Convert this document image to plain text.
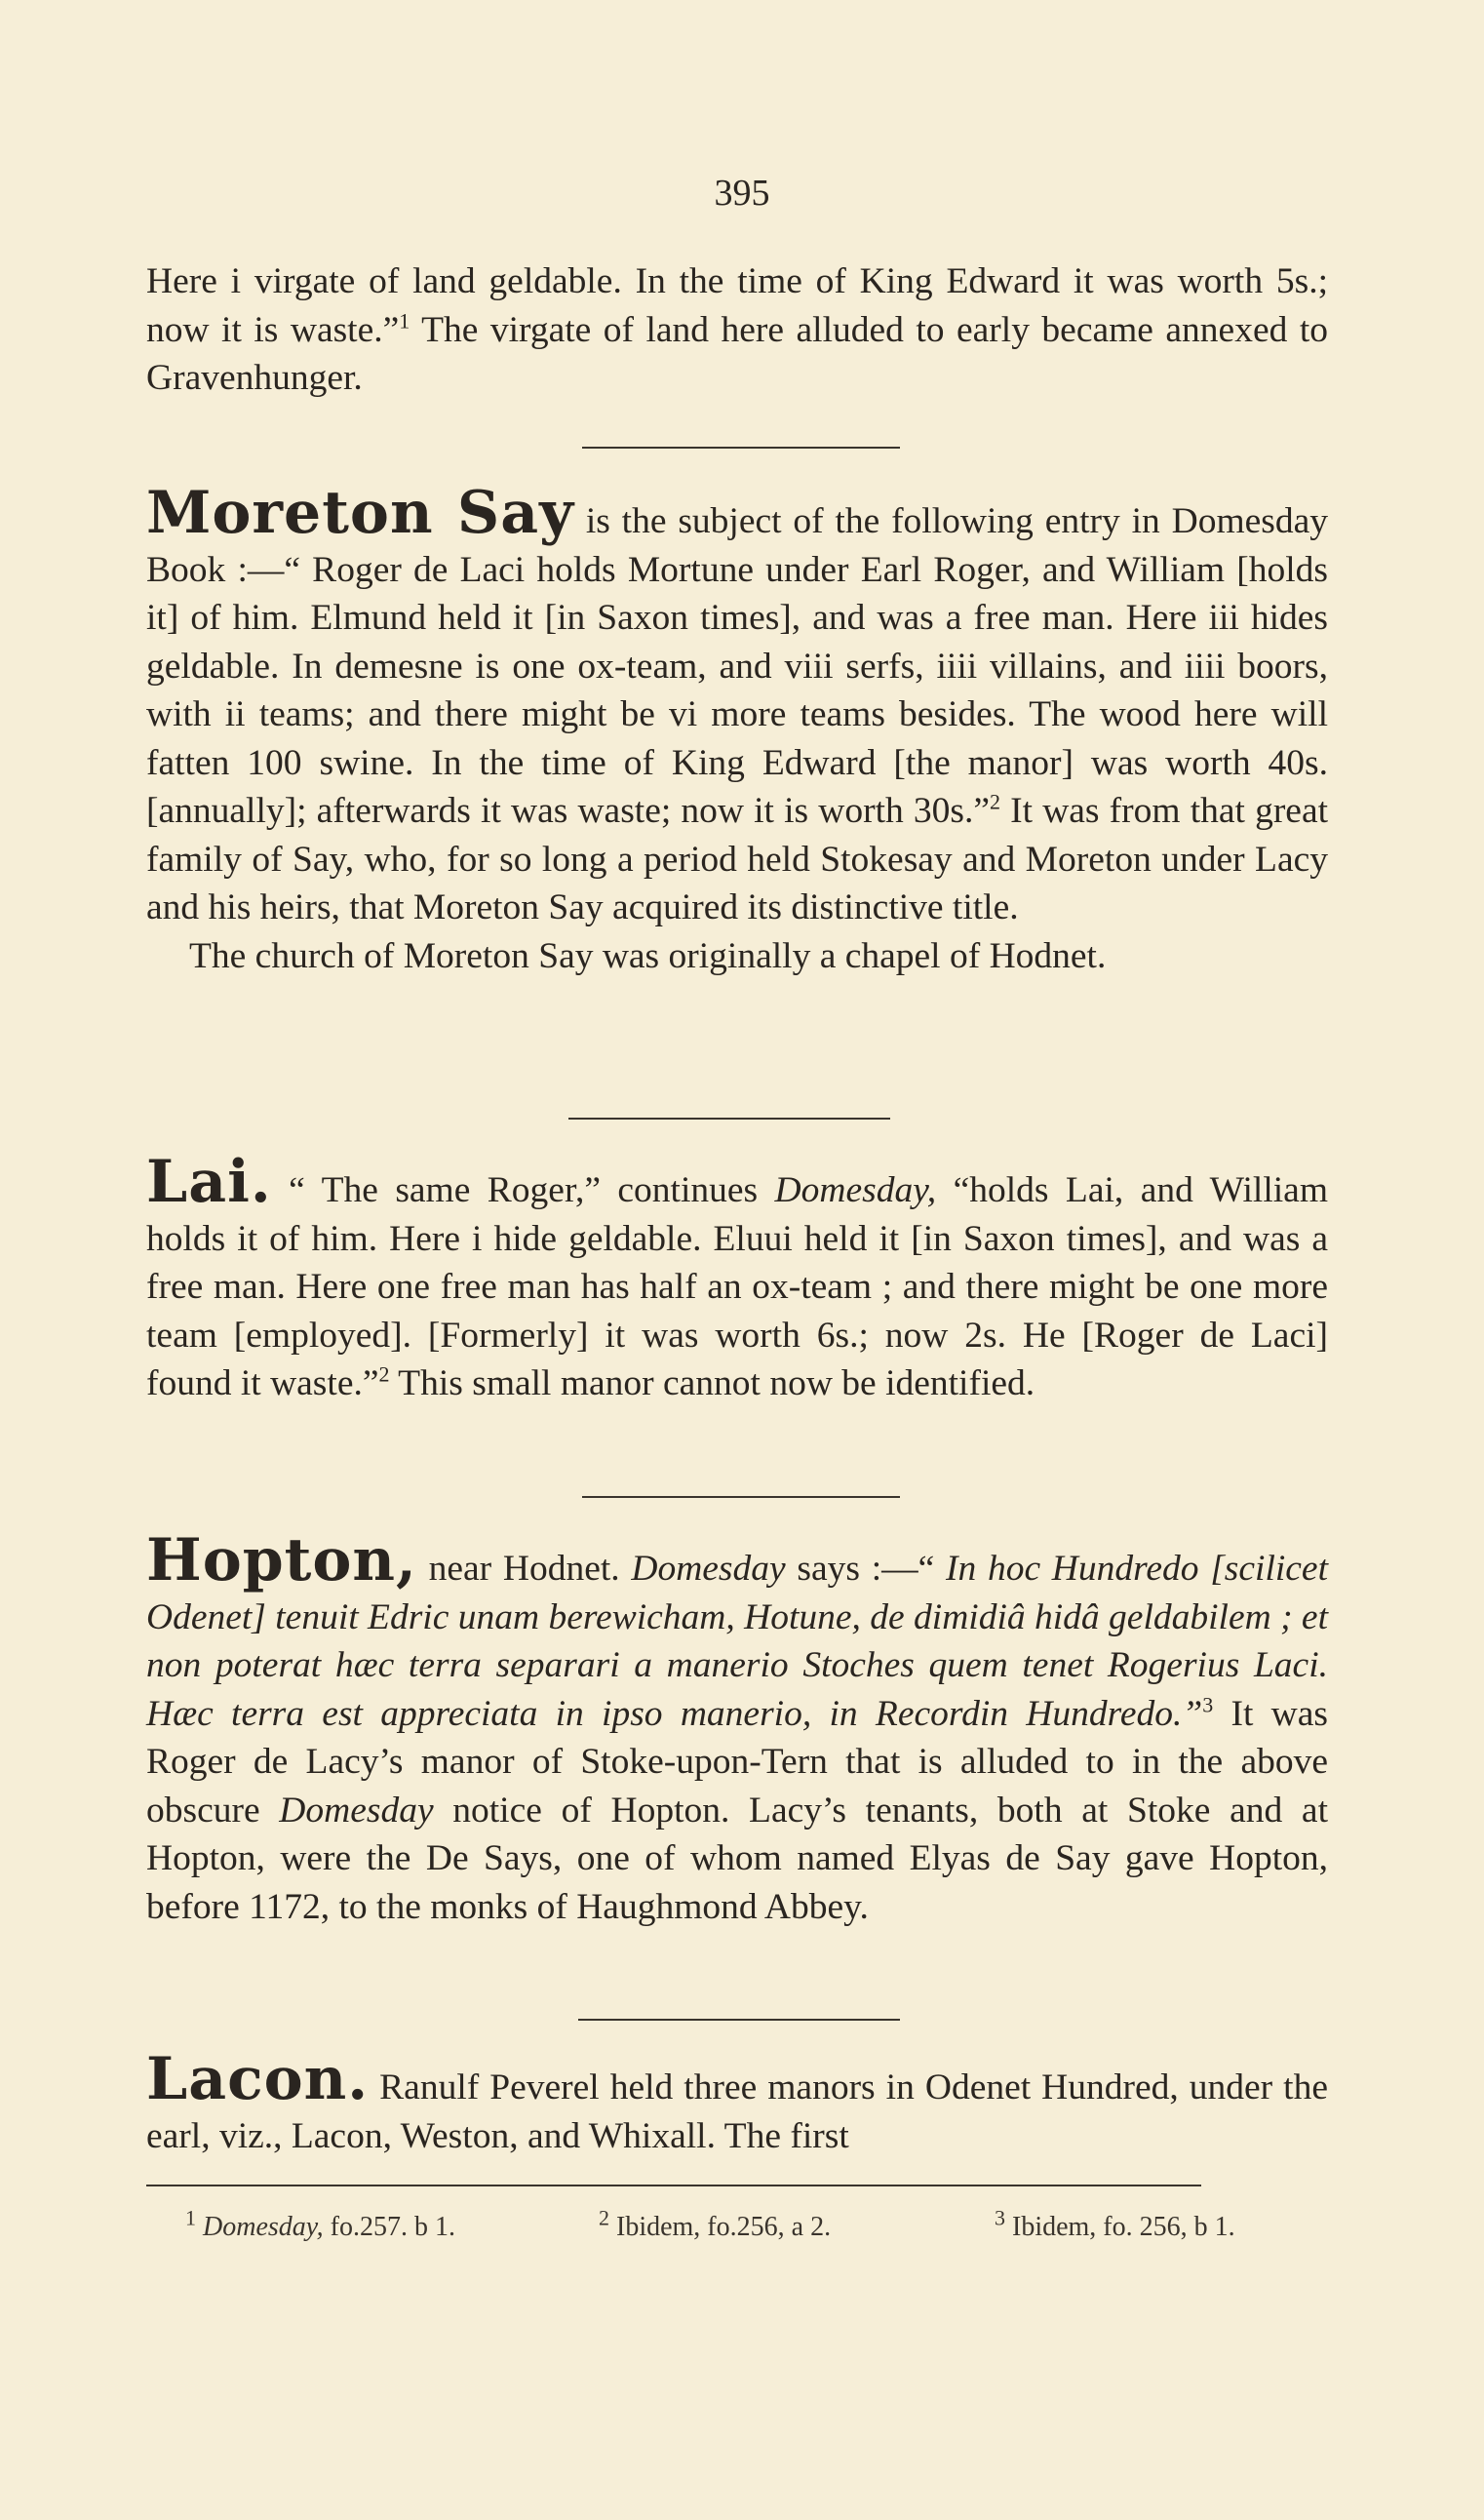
395

Here i virgate of land geldable. In the time of King Edward it was worth 5s.; now it is waste.”$^1$ The virgate of land here alluded to early became annexed to Gravenhunger.

Moreton Say is the subject of the following entry in Domesday Book :—“ Roger de Laci holds Mortune under Earl Roger, and William [holds it] of him. Elmund held it [in Saxon times], and was a free man. Here iii hides geldable. In demesne is one ox-team, and viii serfs, iiii villains, and iiii boors, with ii teams; and there might be vi more teams besides. The wood here will fatten 100 swine. In the time of King Edward [the manor] was worth 40s. [annually]; afterwards it was waste; now it is worth 30s.”$^2$ It was from that great family of Say, who, for so long a period held Stokesay and Moreton under Lacy and his heirs, that Moreton Say acquired its distinctive title.

The church of Moreton Say was originally a chapel of Hodnet.

Lai. “ The same Roger,” continues Domesday, “holds Lai, and William holds it of him. Here i hide geldable. Eluui held it [in Saxon times], and was a free man. Here one free man has half an ox-team ; and there might be one more team [employed]. [Formerly] it was worth 6s.; now 2s. He [Roger de Laci] found it waste.”$^2$ This small manor cannot now be identified.

Hopton, near Hodnet. Domesday says :—“ In hoc Hundredo [scilicet Odenet] tenuit Edric unam berewicham, Hotune, de dimidiâ hidâ geldabilem ; et non poterat hæc terra separari a manerio Stoches quem tenet Rogerius Laci. Hæc terra est appreciata in ipso manerio, in Recordin Hundredo.”$^3$ It was Roger de Lacy’s manor of Stoke-upon-Tern that is alluded to in the above obscure Domesday notice of Hopton. Lacy’s tenants, both at Stoke and at Hopton, were the De Says, one of whom named Elyas de Say gave Hopton, before 1172, to the monks of Haughmond Abbey.

Lacon. Ranulf Peverel held three manors in Odenet Hundred, under the earl, viz., Lacon, Weston, and Whixall. The first

$^1$ Domesday, fo.257. b 1.	$^2$ Ibidem, fo.256, a 2.	$^3$ Ibidem, fo. 256, b 1.
